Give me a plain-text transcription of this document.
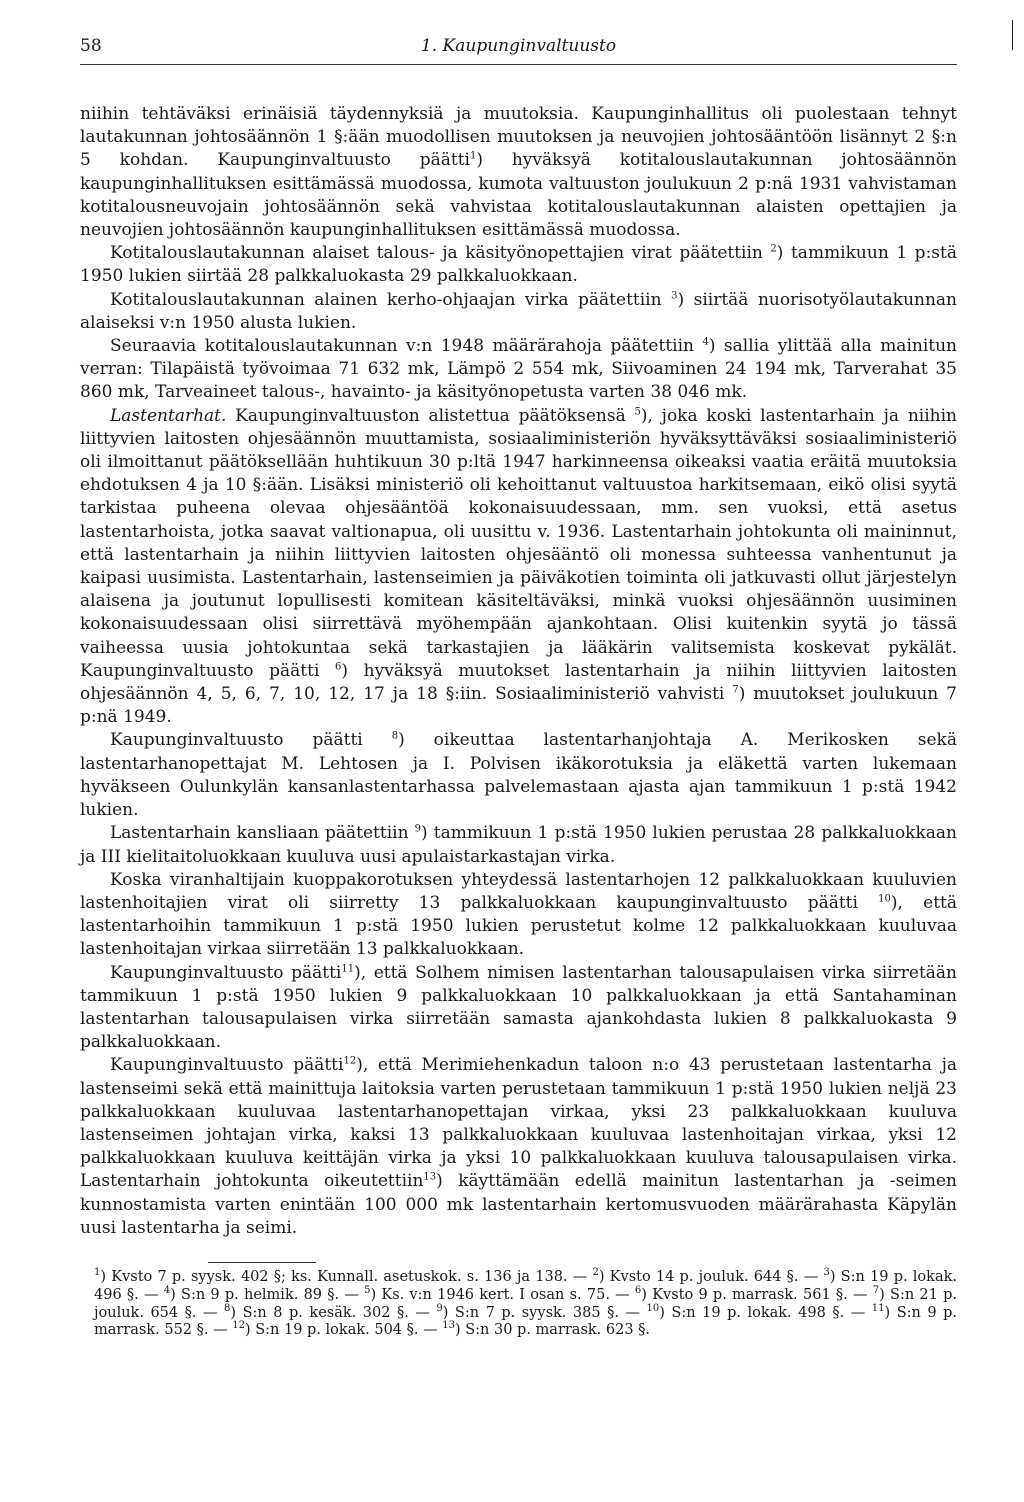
58	1. Kaupunginvaltuusto

niihin tehtäväksi erinäisiä täydennyksiä ja muutoksia. Kaupunginhallitus oli puolestaan tehnyt lautakunnan johtosäännön 1 §:ään muodollisen muutoksen ja neuvojien johtosääntöön lisännyt 2 §:n 5 kohdan. Kaupunginvaltuusto päätti$^1$) hyväksyä kotitalouslautakunnan johtosäännön kaupunginhallituksen esittämässä muodossa, kumota valtuuston joulukuun 2 p:nä 1931 vahvistaman kotitalousneuvojain johtosäännön sekä vahvistaa kotitalouslautakunnan alaisten opettajien ja neuvojien johtosäännön kaupunginhallituksen esittämässä muodossa.

Kotitalouslautakunnan alaiset talous- ja käsityönopettajien virat päätettiin $^2$) tammikuun 1 p:stä 1950 lukien siirtää 28 palkkaluokasta 29 palkkaluokkaan.

Kotitalouslautakunnan alainen kerho-ohjaajan virka päätettiin $^3$) siirtää nuorisotyölautakunnan alaiseksi v:n 1950 alusta lukien.

Seuraavia kotitalouslautakunnan v:n 1948 määrärahoja päätettiin $^4$) sallia ylittää alla mainitun verran: Tilapäistä työvoimaa 71 632 mk, Lämpö 2 554 mk, Siivoaminen 24 194 mk, Tarverahat 35 860 mk, Tarveaineet talous-, havainto- ja käsityönopetusta varten 38 046 mk.

Lastentarhat. Kaupunginvaltuuston alistettua päätöksensä $^5$), joka koski lastentarhain ja niihin liittyvien laitosten ohjesäännön muuttamista, sosiaaliministeriön hyväksyttäväksi sosiaaliministeriö oli ilmoittanut päätöksellään huhtikuun 30 p:ltä 1947 harkinneensa oikeaksi vaatia eräitä muutoksia ehdotuksen 4 ja 10 §:ään. Lisäksi ministeriö oli kehoittanut valtuustoa harkitsemaan, eikö olisi syytä tarkistaa puheena olevaa ohjesääntöä kokonaisuudessaan, mm. sen vuoksi, että asetus lastentarhoista, jotka saavat valtionapua, oli uusittu v. 1936. Lastentarhain johtokunta oli maininnut, että lastentarhain ja niihin liittyvien laitosten ohjesääntö oli monessa suhteessa vanhentunut ja kaipasi uusimista. Lastentarhain, lastenseimien ja päiväkotien toiminta oli jatkuvasti ollut järjestelyn alaisena ja joutunut lopullisesti komitean käsiteltäväksi, minkä vuoksi ohjesäännön uusiminen kokonaisuudessaan olisi siirrettävä myöhempään ajankohtaan. Olisi kuitenkin syytä jo tässä vaiheessa uusia johtokuntaa sekä tarkastajien ja lääkärin valitsemista koskevat pykälät. Kaupunginvaltuusto päätti $^6$) hyväksyä muutokset lastentarhain ja niihin liittyvien laitosten ohjesäännön 4, 5, 6, 7, 10, 12, 17 ja 18 §:iin. Sosiaaliministeriö vahvisti $^7$) muutokset joulukuun 7 p:nä 1949.

Kaupunginvaltuusto päätti $^8$) oikeuttaa lastentarhanjohtaja A. Merikosken sekä lastentarhanopettajat M. Lehtosen ja I. Polvisen ikäkorotuksia ja eläkettä varten lukemaan hyväkseen Oulunkylän kansanlastentarhassa palvelemastaan ajasta ajan tammikuun 1 p:stä 1942 lukien.

Lastentarhain kansliaan päätettiin $^9$) tammikuun 1 p:stä 1950 lukien perustaa 28 palkkaluokkaan ja III kielitaitoluokkaan kuuluva uusi apulaistarkastajan virka.

Koska viranhaltijain kuoppakorotuksen yhteydessä lastentarhojen 12 palkkaluokkaan kuuluvien lastenhoitajien virat oli siirretty 13 palkkaluokkaan kaupunginvaltuusto päätti $^{10}$), että lastentarhoihin tammikuun 1 p:stä 1950 lukien perustetut kolme 12 palkkaluokkaan kuuluvaa lastenhoitajan virkaa siirretään 13 palkkaluokkaan.

Kaupunginvaltuusto päätti$^{11}$), että Solhem nimisen lastentarhan talousapulaisen virka siirretään tammikuun 1 p:stä 1950 lukien 9 palkkaluokkaan 10 palkkaluokkaan ja että Santahaminan lastentarhan talousapulaisen virka siirretään samasta ajankohdasta lukien 8 palkkaluokasta 9 palkkaluokkaan.

Kaupunginvaltuusto päätti$^{12}$), että Merimiehenkadun taloon n:o 43 perustetaan lastentarha ja lastenseimi sekä että mainittuja laitoksia varten perustetaan tammikuun 1 p:stä 1950 lukien neljä 23 palkkaluokkaan kuuluvaa lastentarhanopettajan virkaa, yksi 23 palkkaluokkaan kuuluva lastenseimen johtajan virka, kaksi 13 palkkaluokkaan kuuluvaa lastenhoitajan virkaa, yksi 12 palkkaluokkaan kuuluva keittäjän virka ja yksi 10 palkkaluokkaan kuuluva talousapulaisen virka. Lastentarhain johtokunta oikeutettiin$^{13}$) käyttämään edellä mainitun lastentarhan ja -seimen kunnostamista varten enintään 100 000 mk lastentarhain kertomusvuoden määrärahasta Käpylän uusi lastentarha ja seimi.

$^1$) Kvsto 7 p. syysk. 402 §; ks. Kunnall. asetuskok. s. 136 ja 138. — $^2$) Kvsto 14 p. jouluk. 644 §. — $^3$) S:n 19 p. lokak. 496 §. — $^4$) S:n 9 p. helmik. 89 §. — $^5$) Ks. v:n 1946 kert. I osan s. 75. — $^6$) Kvsto 9 p. marrask. 561 §. — $^7$) S:n 21 p. jouluk. 654 §. — $^8$) S:n 8 p. kesäk. 302 §. — $^9$) S:n 7 p. syysk. 385 §. — $^{10}$) S:n 19 p. lokak. 498 §. — $^{11}$) S:n 9 p. marrask. 552 §. — $^{12}$) S:n 19 p. lokak. 504 §. — $^{13}$) S:n 30 p. marrask. 623 §.
